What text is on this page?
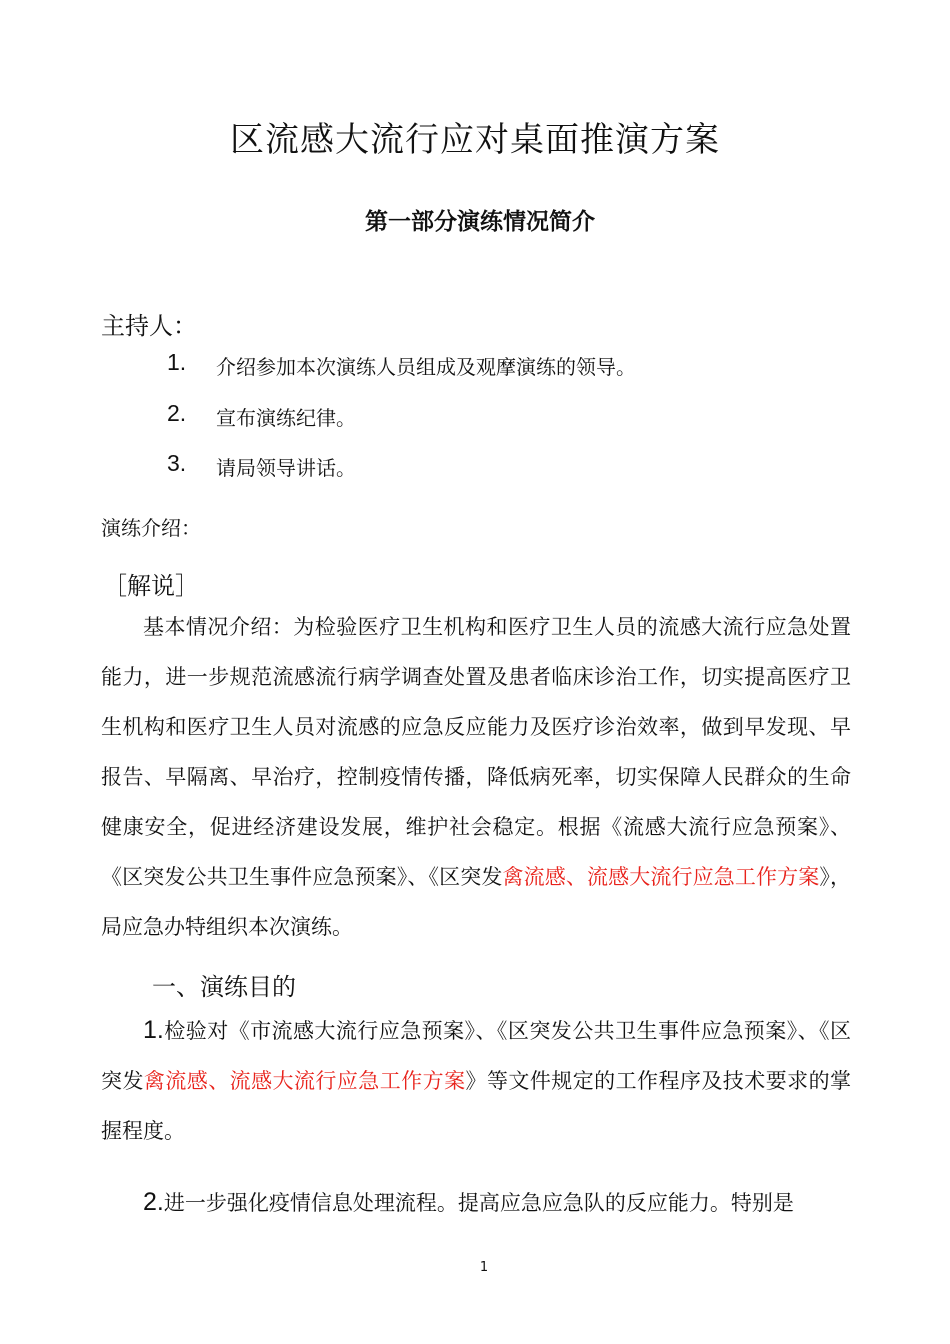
区流感大流行应对桌面推演方案
第一部分演练情况简介
主持人：
1. 介绍参加本次演练人员组成及观摩演练的领导。
2. 宣布演练纪律。
3. 请局领导讲话。
演练介绍：
［解说］

基本情况介绍：为检验医疗卫生机构和医疗卫生人员的流感大流行应急处置能力，进一步规范流感流行病学调查处置及患者临床诊治工作，切实提高医疗卫生机构和医疗卫生人员对流感的应急反应能力及医疗诊治效率，做到早发现、早报告、早隔离、早治疗，控制疫情传播，降低病死率，切实保障人民群众的生命健康安全，促进经济建设发展，维护社会稳定。根据《流感大流行应急预案》、《区突发公共卫生事件应急预案》、《区突发禽流感、流感大流行应急工作方案》，局应急办特组织本次演练。

一、演练目的

1.检验对《市流感大流行应急预案》、《区突发公共卫生事件应急预案》、《区突发禽流感、流感大流行应急工作方案》等文件规定的工作程序及技术要求的掌握程度。

2.进一步强化疫情信息处理流程。提高应急应急队的反应能力。特别是

1
